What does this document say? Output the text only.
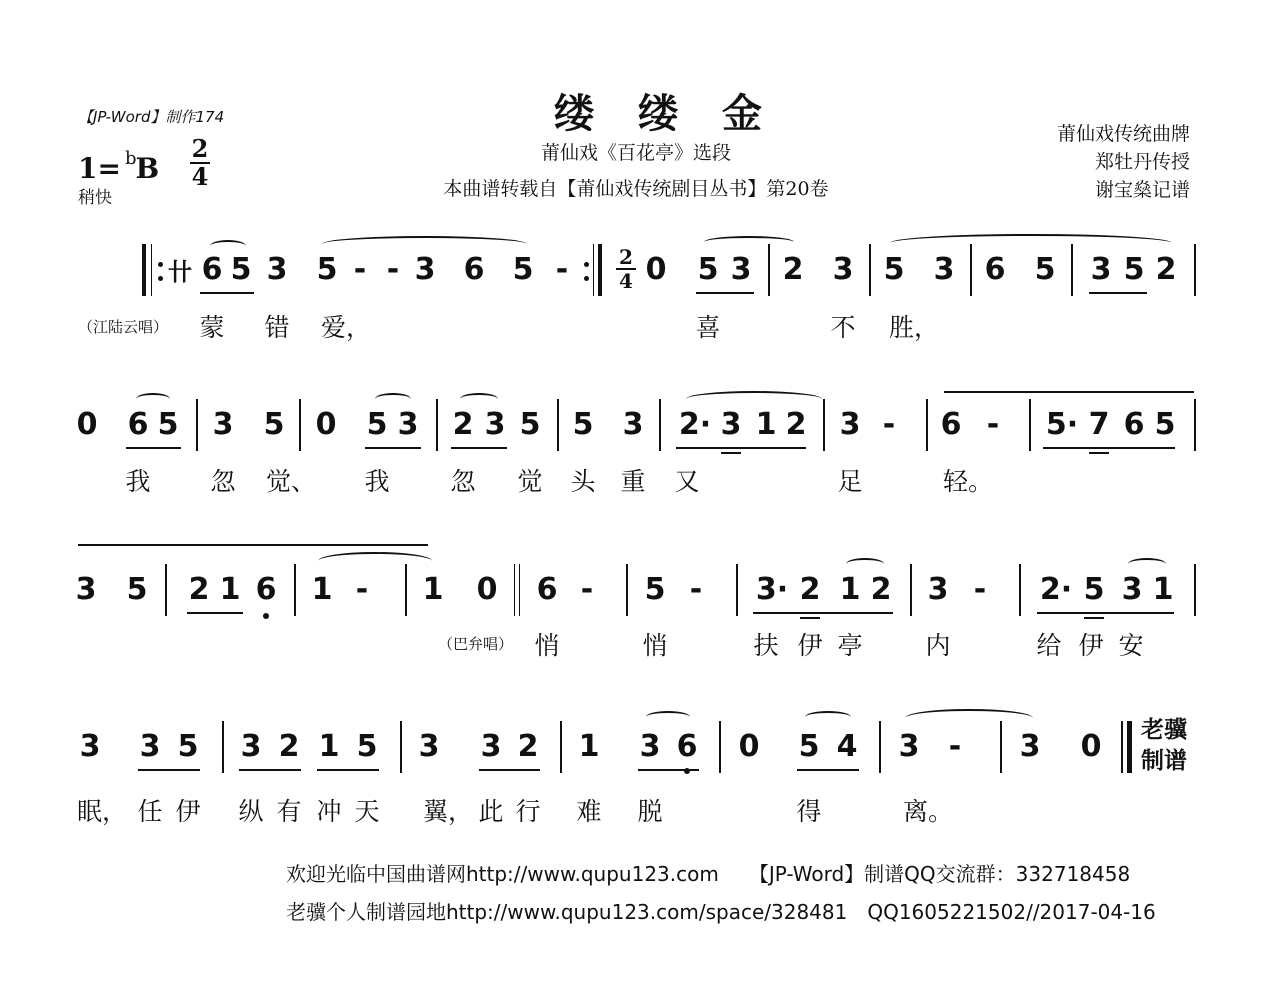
【JP-Word】制作174	缕缕金
莆仙戏《百花亭》选段
本曲谱转载自【莆仙戏传统剧目丛书】第20卷
莆仙戏传统曲牌
郑牡丹传授
谢宝燊记谱
1= $^b$B
2
4
稍快
卄 6 5 3 5 - - 3 6 5 -	2
4 0 5 3 2 3 5 3 6 5 3 5 2
（江陆云唱） 蒙 错 爱，	喜	不 胜，
0 6 5 3 5 0 5 3 2 3 5 5 3 2· 3 1 2 3 - 6 - 5· 7 6 5
我 忽 觉、 我 忽 觉 头 重 又	足	轻。
3 5 2 1 6 1 - 1 0 6 - 5 - 3· 2 1 2 3 - 2· 5 3 1
（巴弁唱） 悄	悄	扶 伊 亭	内	给 伊 安
3 3 5 3 2 1 5 3 3 2 1 3 6 0 5 4 3 - 3 0 老骥
制谱
眠， 任 伊 纵 有 冲 天 翼， 此 行 难 脱	得	离。
欢迎光临中国曲谱网http://www.qupu123.com　　【JP-Word】制谱QQ交流群：332718458
老骥个人制谱园地http://www.qupu123.com/space/328481　QQ1605221502//2017-04-16
